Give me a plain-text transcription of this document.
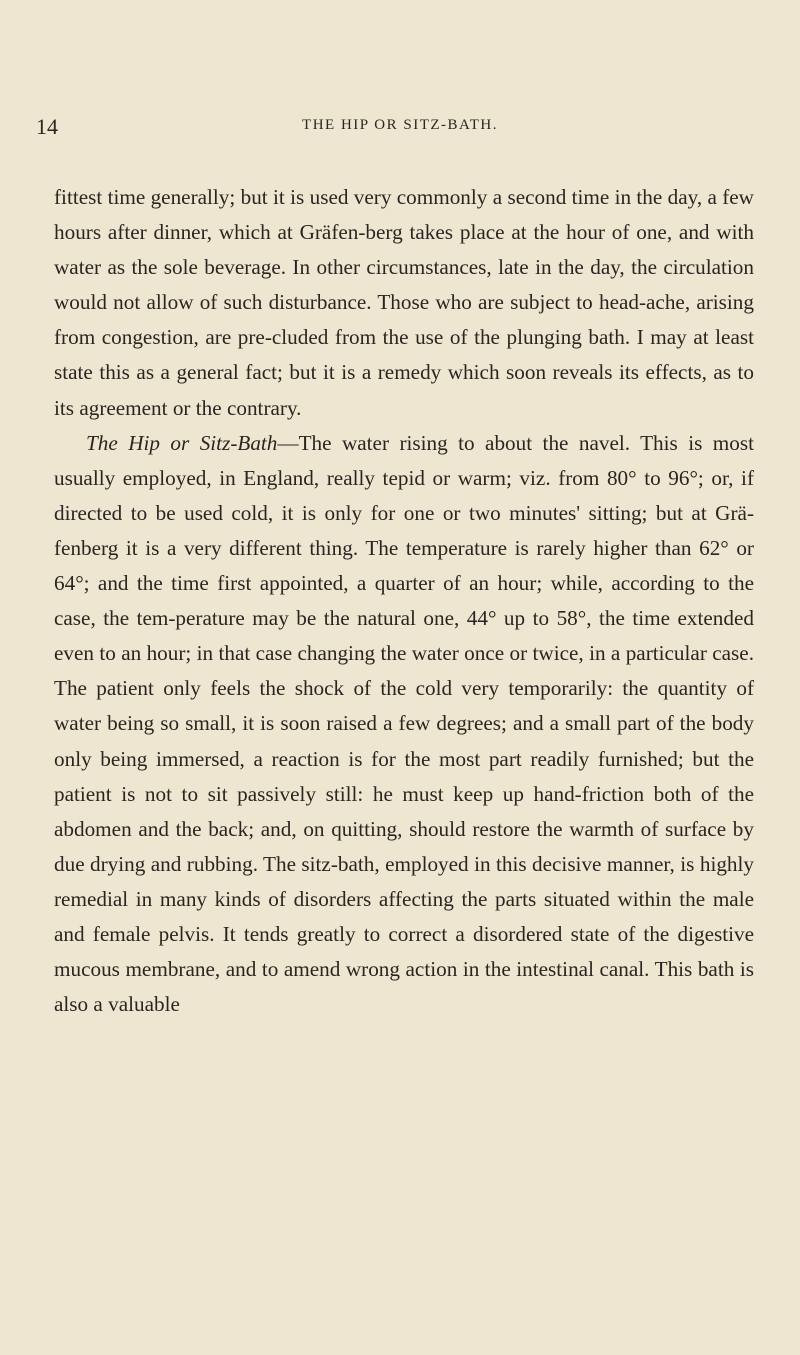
14	THE HIP OR SITZ-BATH.

fittest time generally; but it is used very commonly a second time in the day, a few hours after dinner, which at Gräfen-berg takes place at the hour of one, and with water as the sole beverage. In other circumstances, late in the day, the circulation would not allow of such disturbance. Those who are subject to head-ache, arising from congestion, are pre-cluded from the use of the plunging bath. I may at least state this as a general fact; but it is a remedy which soon reveals its effects, as to its agreement or the contrary.

The Hip or Sitz-Bath—The water rising to about the navel. This is most usually employed, in England, really tepid or warm; viz. from 80° to 96°; or, if directed to be used cold, it is only for one or two minutes' sitting; but at Grä-fenberg it is a very different thing. The temperature is rarely higher than 62° or 64°; and the time first appointed, a quarter of an hour; while, according to the case, the tem-perature may be the natural one, 44° up to 58°, the time extended even to an hour; in that case changing the water once or twice, in a particular case. The patient only feels the shock of the cold very temporarily: the quantity of water being so small, it is soon raised a few degrees; and a small part of the body only being immersed, a reaction is for the most part readily furnished; but the patient is not to sit passively still: he must keep up hand-friction both of the abdomen and the back; and, on quitting, should restore the warmth of surface by due drying and rubbing. The sitz-bath, employed in this decisive manner, is highly remedial in many kinds of disorders affecting the parts situated within the male and female pelvis. It tends greatly to correct a disordered state of the digestive mucous membrane, and to amend wrong action in the intestinal canal. This bath is also a valuable
